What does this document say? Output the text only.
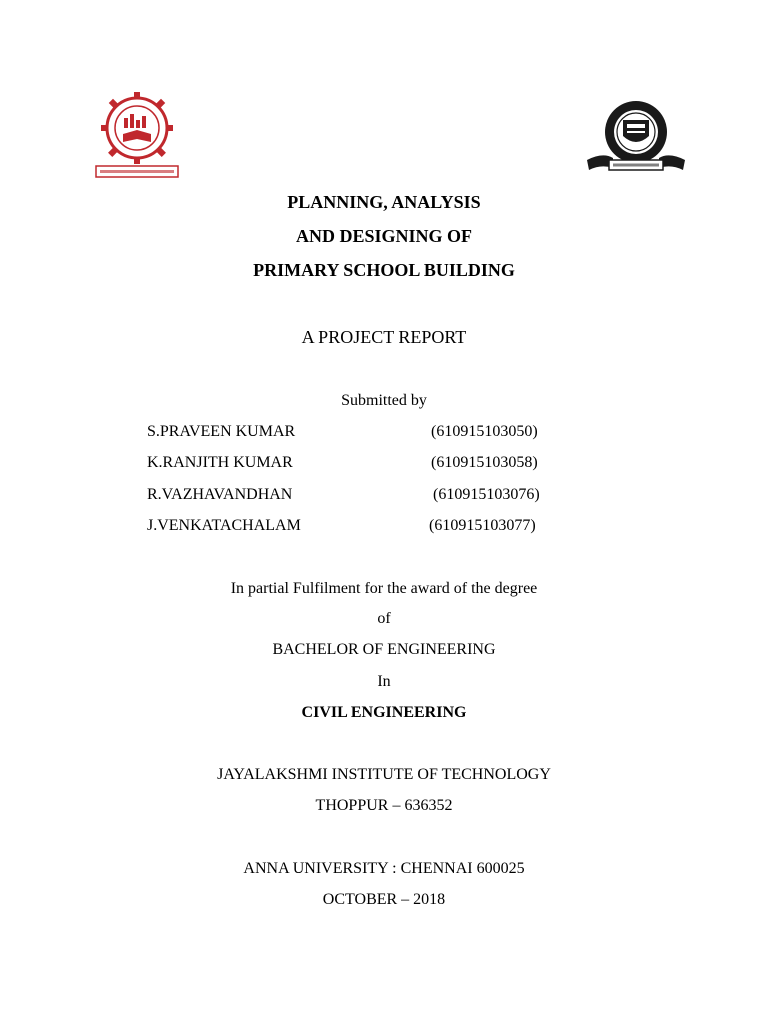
PLANNING, ANALYSIS
AND DESIGNING OF
PRIMARY SCHOOL BUILDING
A PROJECT REPORT
Submitted by
S.PRAVEEN KUMAR	(610915103050)
K.RANJITH KUMAR	(610915103058)
R.VAZHAVANDHAN	(610915103076)
J.VENKATACHALAM	(610915103077)
In partial Fulfilment for the award of the degree
of
BACHELOR OF ENGINEERING
In
CIVIL ENGINEERING
JAYALAKSHMI INSTITUTE OF TECHNOLOGY
THOPPUR – 636352
ANNA UNIVERSITY : CHENNAI 600025
OCTOBER – 2018
